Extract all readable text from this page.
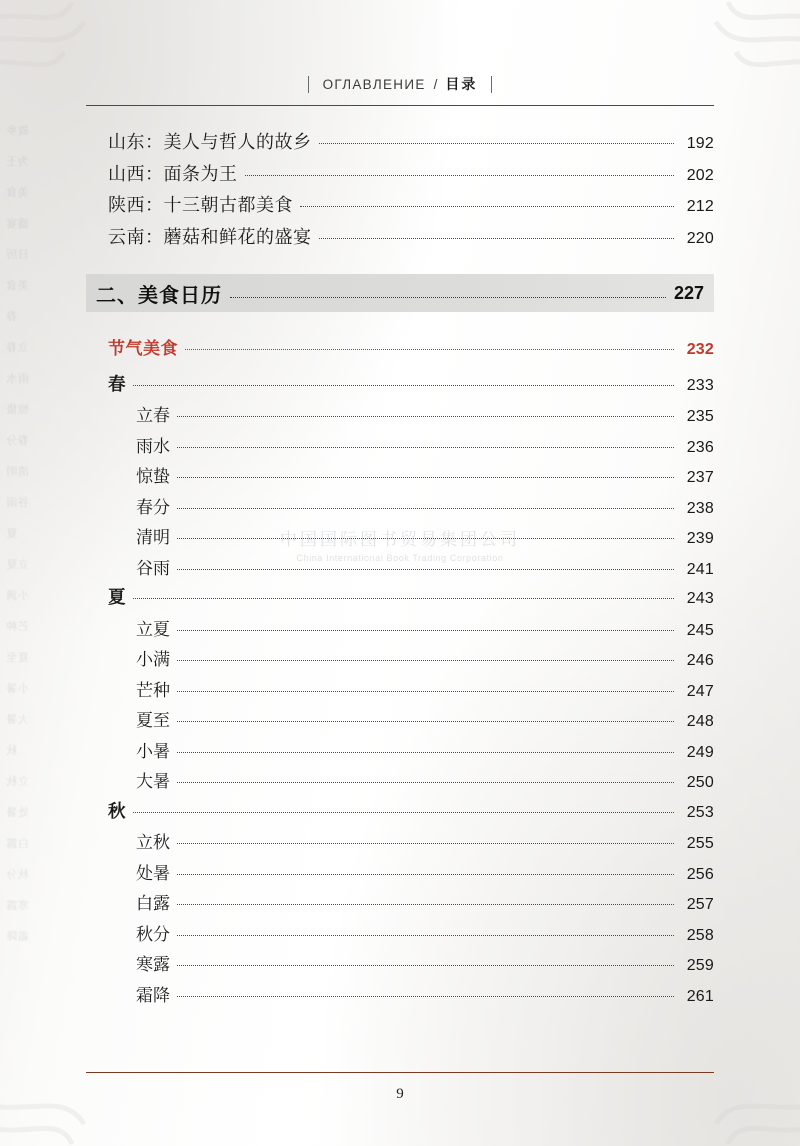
故乡
为王
美食
盛宴
日历
美食
春
立春
雨水
惊蛰
春分
清明
谷雨
夏
立夏
小满
芒种
夏至
小暑
大暑
秋
立秋
处暑
白露
秋分
寒露
霜降
ОГЛАВЛЕНИЕ / 目录
山东：美人与哲人的故乡	192
山西：面条为王	202
陕西：十三朝古都美食	212
云南：蘑菇和鲜花的盛宴	220
二、美食日历	227
节气美食	232
春	233
立春	235
雨水	236
惊蛰	237
春分	238
清明	239
谷雨	241
夏	243
立夏	245
小满	246
芒种	247
夏至	248
小暑	249
大暑	250
秋	253
立秋	255
处暑	256
白露	257
秋分	258
寒露	259
霜降	261
中国国际图书贸易集团公司
China International Book Trading Corporation
9
